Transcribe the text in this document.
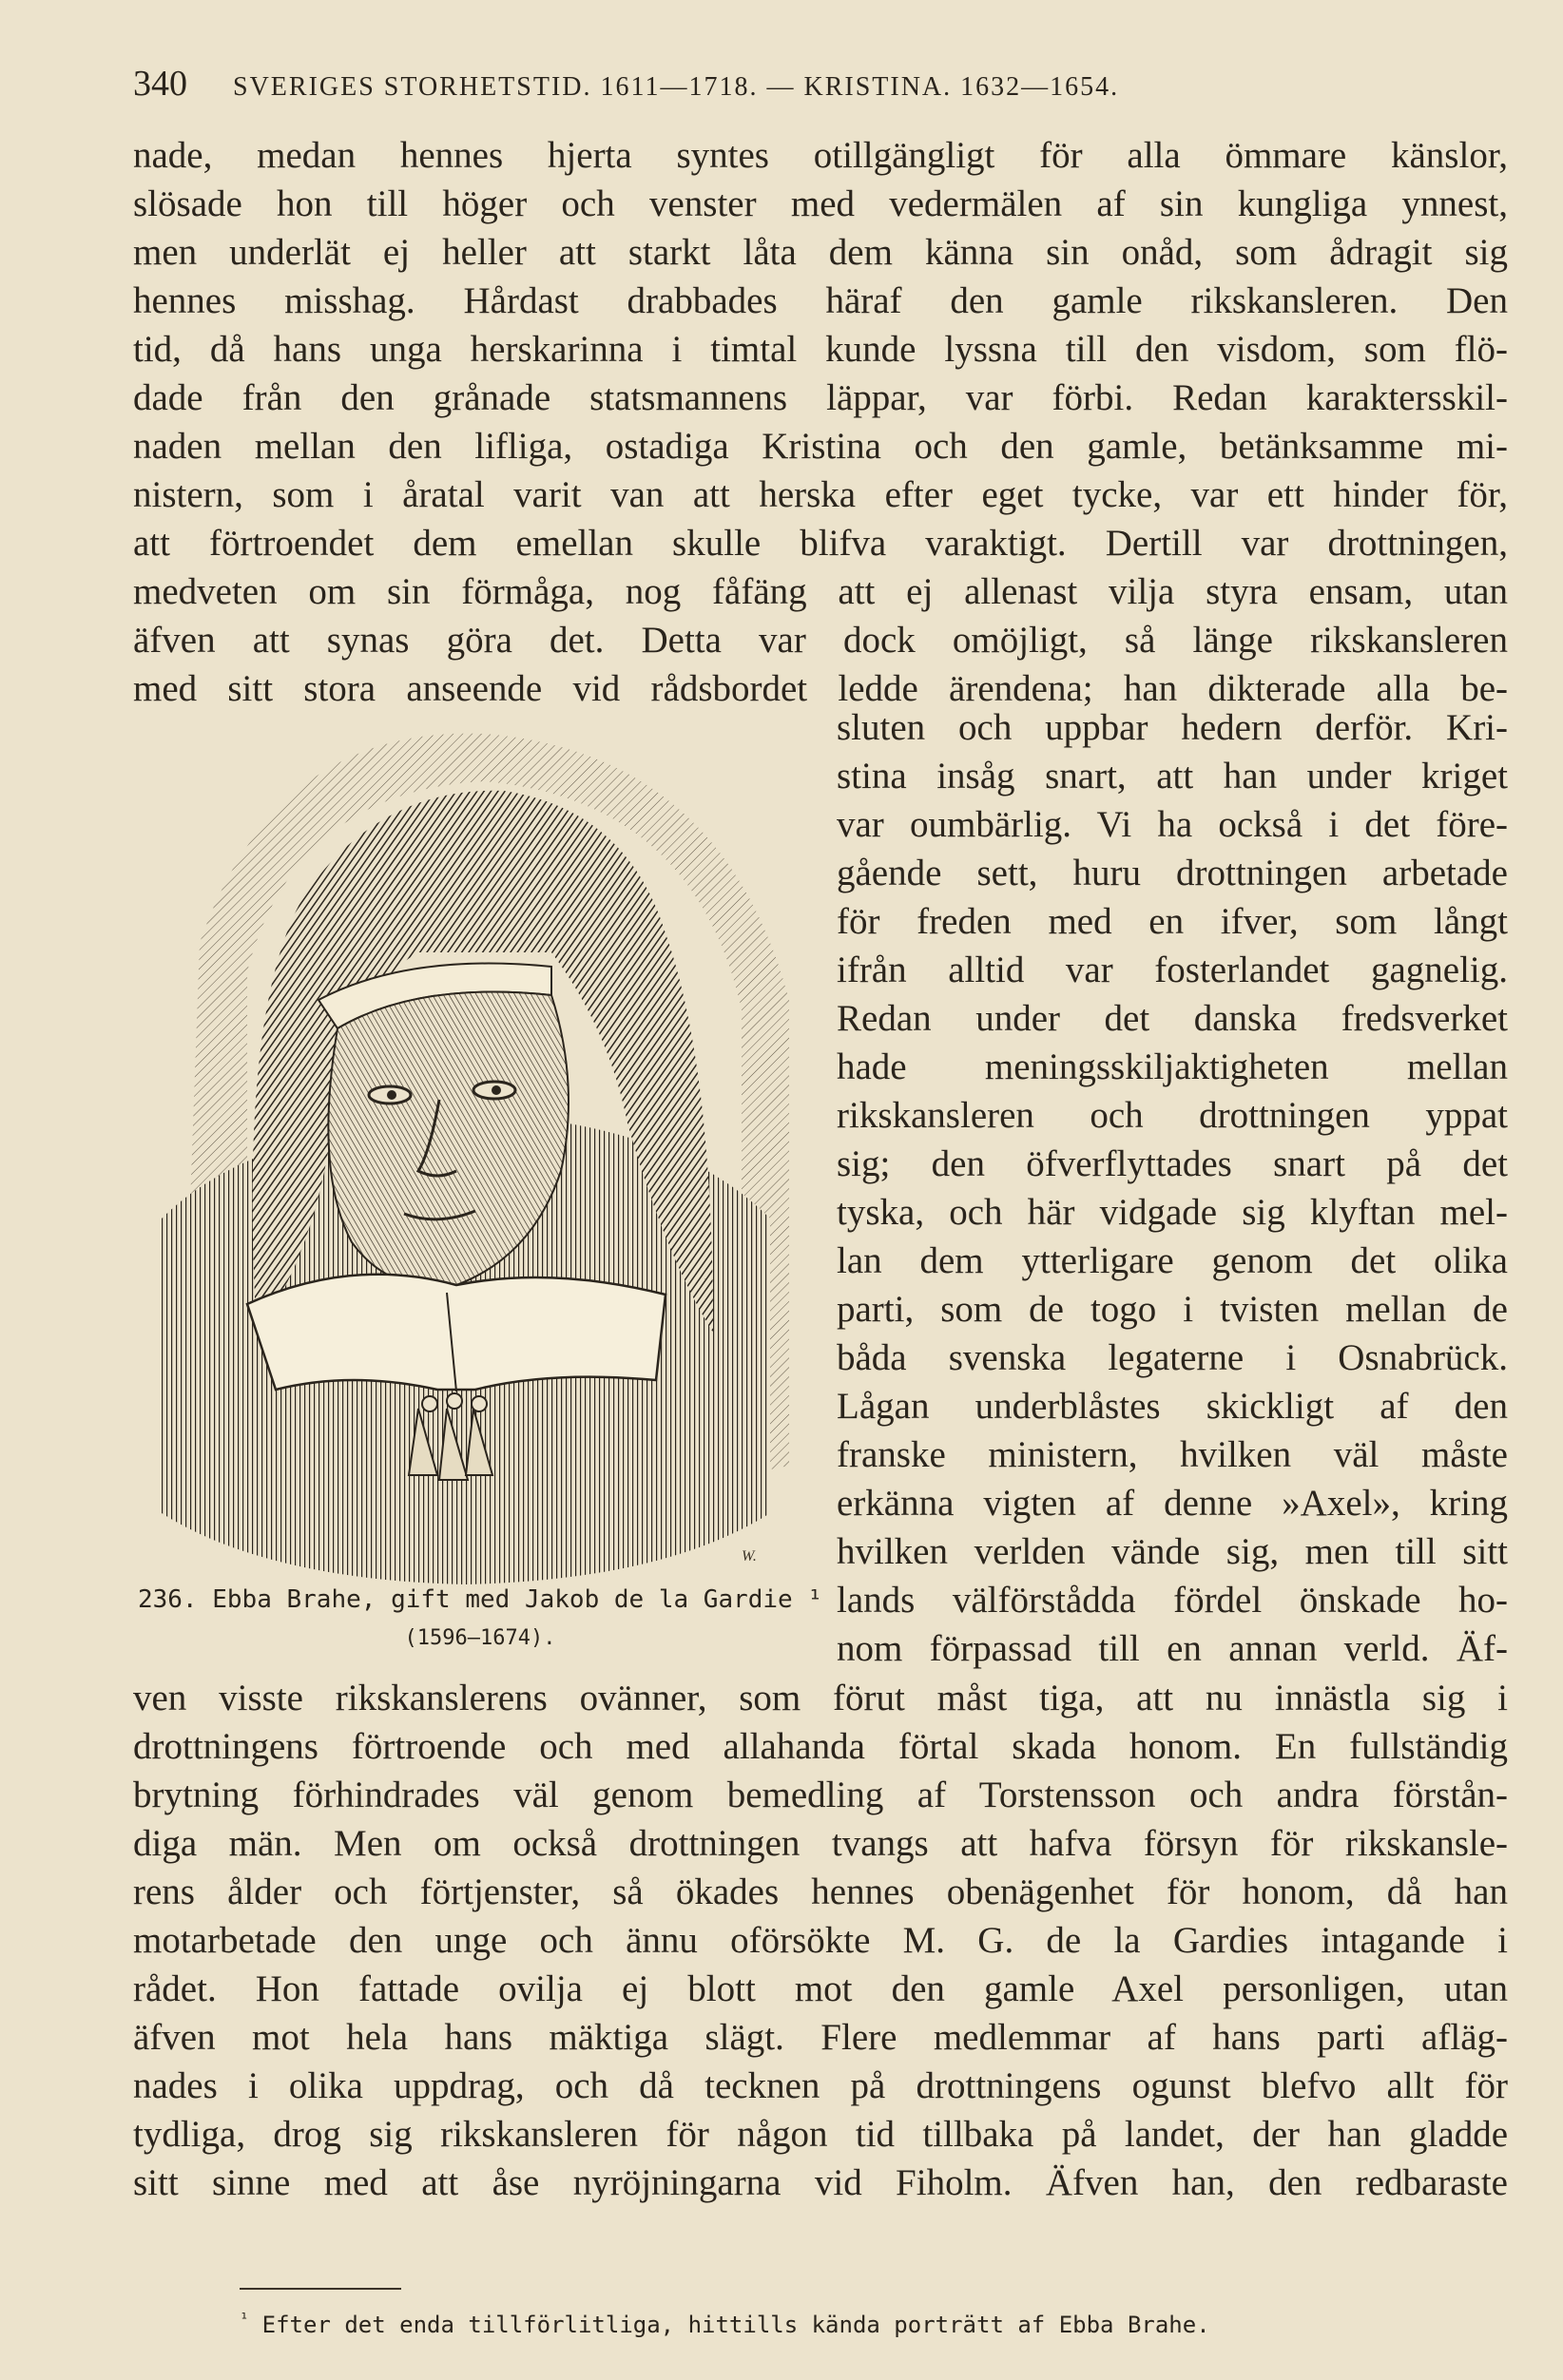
340 SVERIGES STORHETSTID. 1611—1718. — KRISTINA. 1632—1654.
nade, medan hennes hjerta syntes otillgängligt för alla ömmare känslor,
slösade hon till höger och venster med vedermälen af sin kungliga ynnest,
men underlät ej heller att starkt låta dem känna sin onåd, som ådragit sig
hennes misshag. Hårdast drabbades häraf den gamle rikskansleren. Den
tid, då hans unga herskarinna i timtal kunde lyssna till den visdom, som flö-
dade från den grånade statsmannens läppar, var förbi. Redan karaktersskil-
naden mellan den lifliga, ostadiga Kristina och den gamle, betänksamme mi-
nistern, som i åratal varit van att herska efter eget tycke, var ett hinder för,
att förtroendet dem emellan skulle blifva varaktigt. Dertill var drottningen,
medveten om sin förmåga, nog fåfäng att ej allenast vilja styra ensam, utan
äfven att synas göra det. Detta var dock omöjligt, så länge rikskansleren
med sitt stora anseende vid rådsbordet ledde ärendena; han dikterade alla be-
W.
236. Ebba Brahe, gift med Jakob de la Gardie ¹
(1596—1674).
sluten och uppbar hedern derför. Kri-
stina insåg snart, att han under kriget
var oumbärlig. Vi ha också i det före-
gående sett, huru drottningen arbetade
för freden med en ifver, som långt
ifrån alltid var fosterlandet gagnelig.
Redan under det danska fredsverket
hade meningsskiljaktigheten mellan
rikskansleren och drottningen yppat
sig; den öfverflyttades snart på det
tyska, och här vidgade sig klyftan mel-
lan dem ytterligare genom det olika
parti, som de togo i tvisten mellan de
båda svenska legaterne i Osnabrück.
Lågan underblåstes skickligt af den
franske ministern, hvilken väl måste
erkänna vigten af denne »Axel», kring
hvilken verlden vände sig, men till sitt
lands välförstådda fördel önskade ho-
nom förpassad till en annan verld. Äf-
ven visste rikskanslerens ovänner, som förut måst tiga, att nu innästla sig i
drottningens förtroende och med allahanda förtal skada honom. En fullständig
brytning förhindrades väl genom bemedling af Torstensson och andra förstån-
diga män. Men om också drottningen tvangs att hafva försyn för rikskansle-
rens ålder och förtjenster, så ökades hennes obenägenhet för honom, då han
motarbetade den unge och ännu oförsökte M. G. de la Gardies intagande i
rådet. Hon fattade ovilja ej blott mot den gamle Axel personligen, utan
äfven mot hela hans mäktiga slägt. Flere medlemmar af hans parti afläg-
nades i olika uppdrag, och då tecknen på drottningens ogunst blefvo allt för
tydliga, drog sig rikskansleren för någon tid tillbaka på landet, der han gladde
sitt sinne med att åse nyröjningarna vid Fiholm. Äfven han, den redbaraste
$^{^1}$ Efter det enda tillförlitliga, hittills kända porträtt af Ebba Brahe.
